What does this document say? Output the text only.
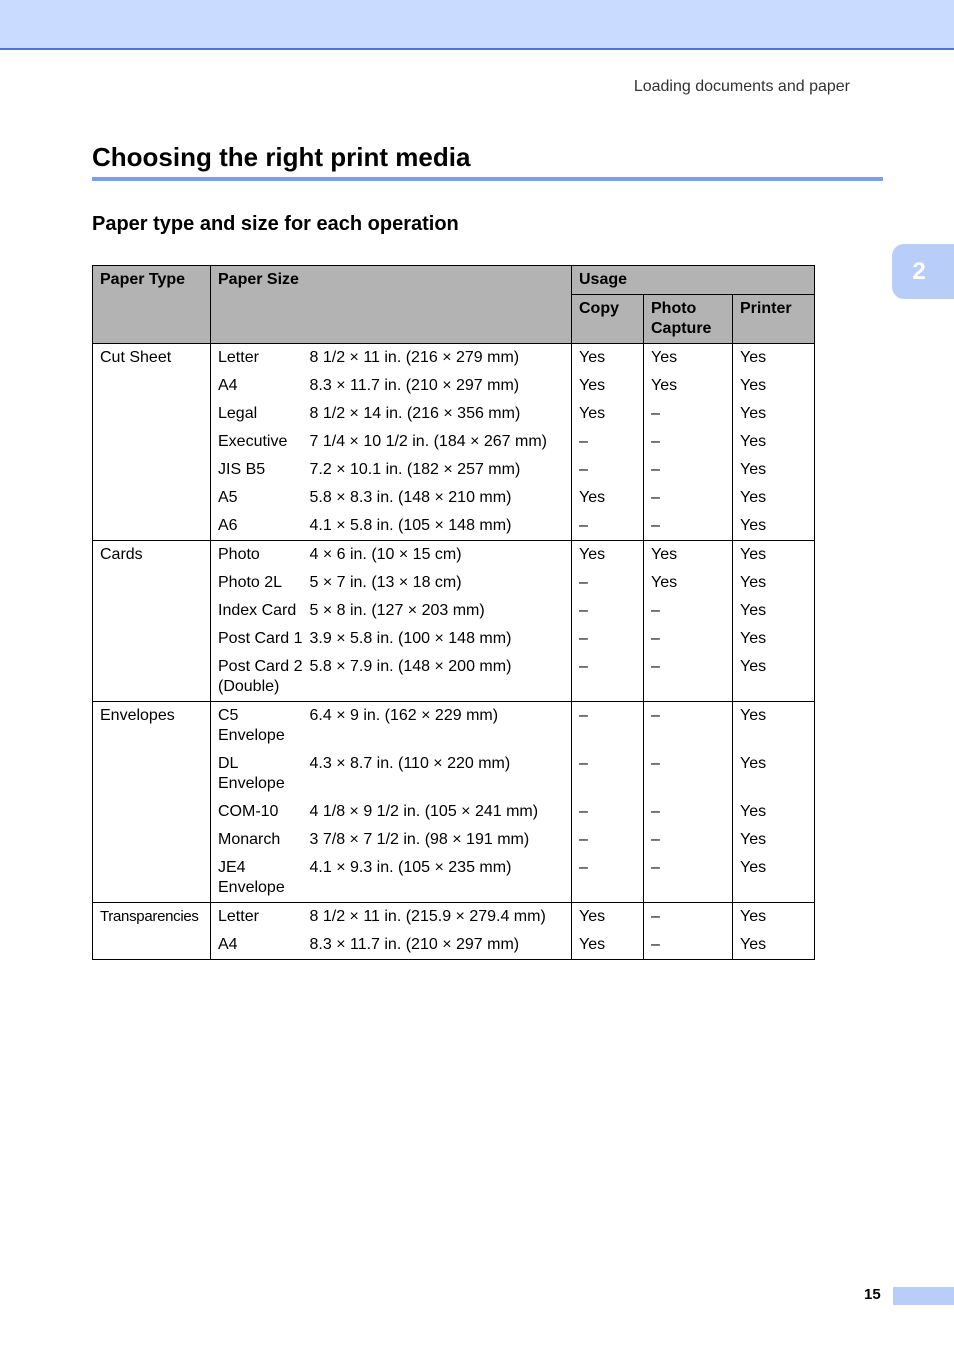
Loading documents and paper
Choosing the right print media
Paper type and size for each operation
2
Paper Type	Paper Size		Usage		
			Copy	Photo Capture	Printer
Cut Sheet	Letter	8 1/2 × 11 in. (216 × 279 mm)	Yes	Yes	Yes
	A4	8.3 × 11.7 in. (210 × 297 mm)	Yes	Yes	Yes
	Legal	8 1/2 × 14 in. (216 × 356 mm)	Yes	–	Yes
	Executive	7 1/4 × 10 1/2 in. (184 × 267 mm)	–	–	Yes
	JIS B5	7.2 × 10.1 in. (182 × 257 mm)	–	–	Yes
	A5	5.8 × 8.3 in. (148 × 210 mm)	Yes	–	Yes
	A6	4.1 × 5.8 in. (105 × 148 mm)	–	–	Yes
Cards	Photo	4 × 6 in. (10 × 15 cm)	Yes	Yes	Yes
	Photo 2L	5 × 7 in. (13 × 18 cm)	–	Yes	Yes
	Index Card	5 × 8 in. (127 × 203 mm)	–	–	Yes
	Post Card 1	3.9 × 5.8 in. (100 × 148 mm)	–	–	Yes
	Post Card 2 (Double)	5.8 × 7.9 in. (148 × 200 mm)	–	–	Yes
Envelopes	C5 Envelope	6.4 × 9 in. (162 × 229 mm)	–	–	Yes
	DL Envelope	4.3 × 8.7 in. (110 × 220 mm)	–	–	Yes
	COM-10	4 1/8 × 9 1/2 in. (105 × 241 mm)	–	–	Yes
	Monarch	3 7/8 × 7 1/2 in. (98 × 191 mm)	–	–	Yes
	JE4 Envelope	4.1 × 9.3 in. (105 × 235 mm)	–	–	Yes
Transparencies	Letter	8 1/2 × 11 in. (215.9 × 279.4 mm)	Yes	–	Yes
	A4	8.3 × 11.7 in. (210 × 297 mm)	Yes	–	Yes
15
